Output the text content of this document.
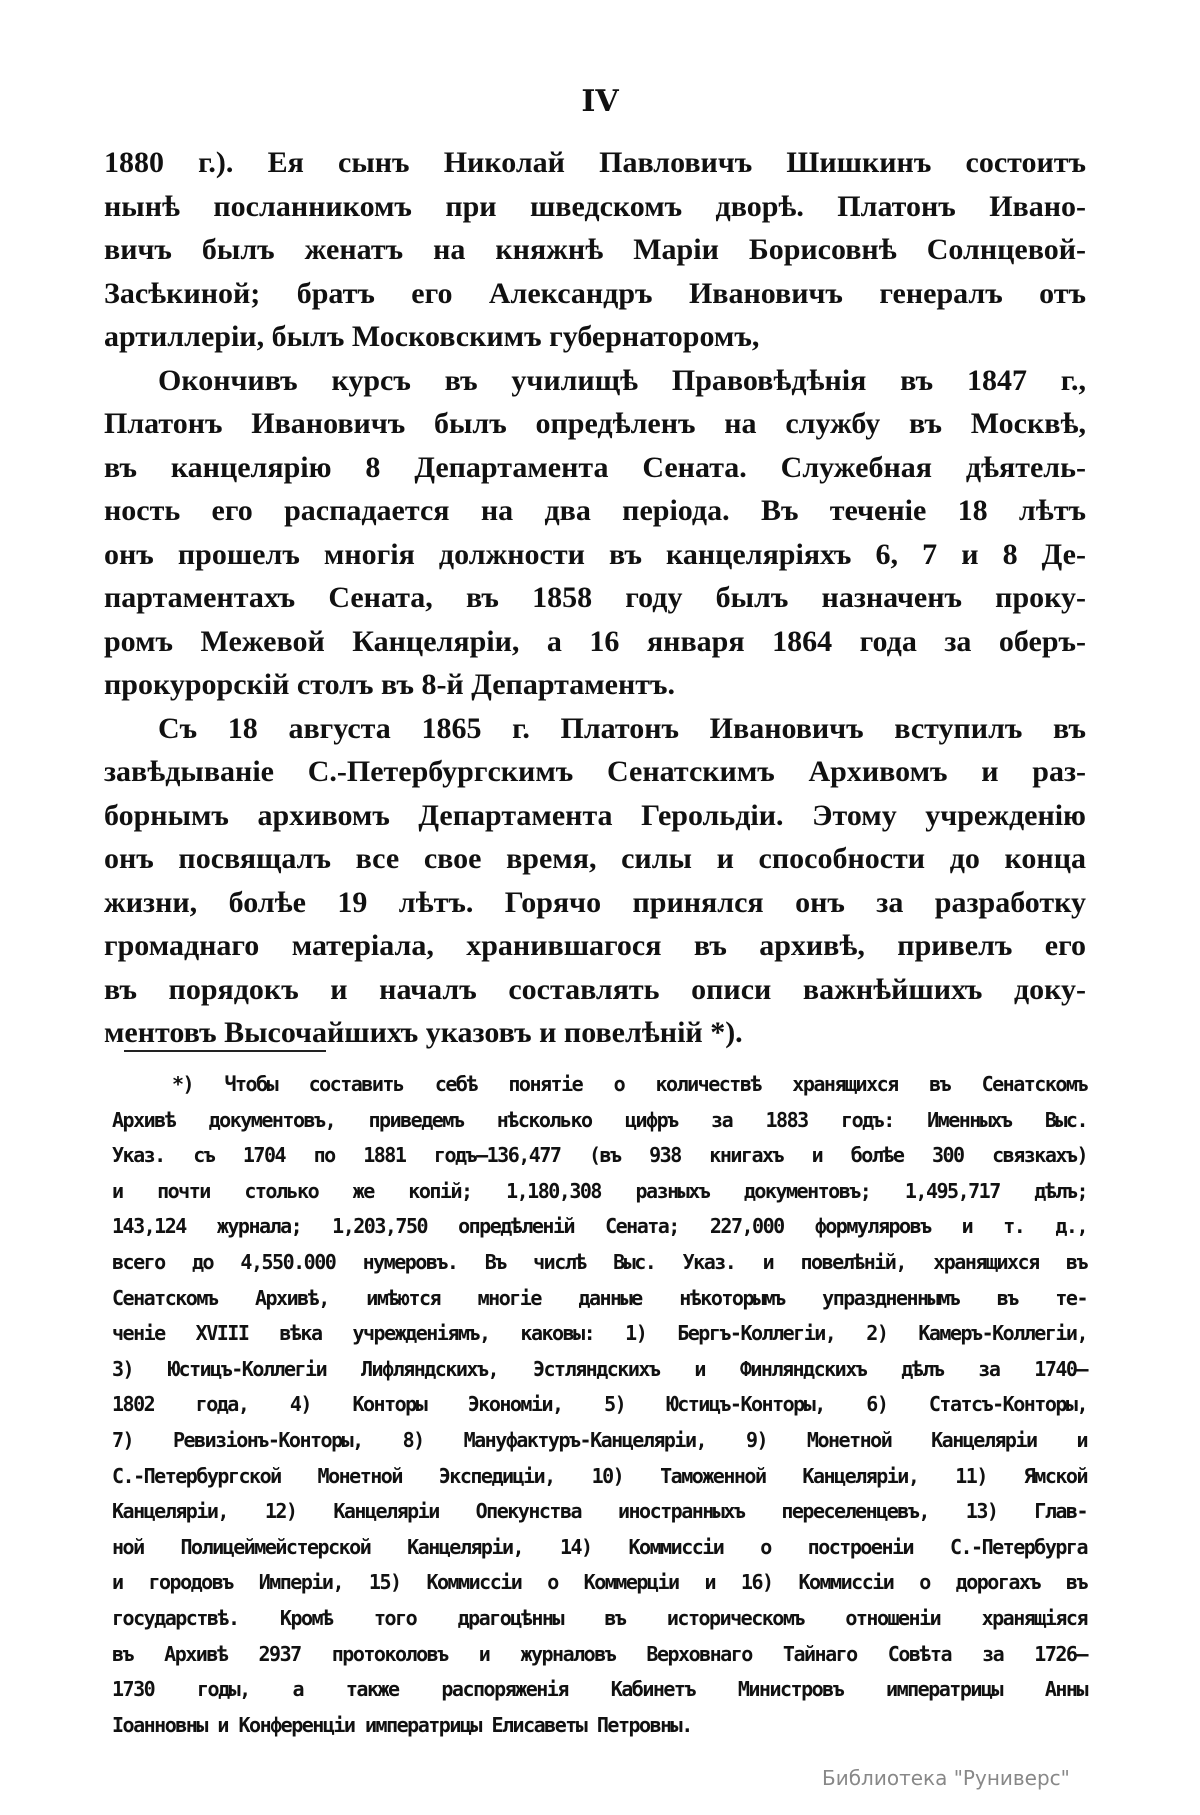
IV
1880 г.). Ея сынъ Николай Павловичъ Шишкинъ состоитъ
нынѣ посланникомъ при шведскомъ дворѣ. Платонъ Ивано-
вичъ былъ женатъ на княжнѣ Маріи Борисовнѣ Солнцевой-
Засѣкиной; братъ его Александръ Ивановичъ генералъ отъ
артиллеріи, былъ Московскимъ губернаторомъ,
Окончивъ курсъ въ училищѣ Правовѣдѣнія въ 1847 г.,
Платонъ Ивановичъ былъ опредѣленъ на службу въ Москвѣ,
въ канцелярію 8 Департамента Сената. Служебная дѣятель-
ность его распадается на два періода. Въ теченіе 18 лѣтъ
онъ прошелъ многія должности въ канцеляріяхъ 6, 7 и 8 Де-
партаментахъ Сената, въ 1858 году былъ назначенъ проку-
ромъ Межевой Канцеляріи, а 16 января 1864 года за оберъ-
прокурорскій столъ въ 8-й Департаментъ.
Съ 18 августа 1865 г. Платонъ Ивановичъ вступилъ въ
завѣдываніе С.-Петербургскимъ Сенатскимъ Архивомъ и раз-
борнымъ архивомъ Департамента Герольдіи. Этому учрежденію
онъ посвящалъ все свое время, силы и способности до конца
жизни, болѣе 19 лѣтъ. Горячо принялся онъ за разработку
громаднаго матеріала, хранившагося въ архивѣ, привелъ его
въ порядокъ и началъ составлять описи важнѣйшихъ доку-
ментовъ Высочайшихъ указовъ и повелѣній *).
*) Чтобы составить себѣ понятіе о количествѣ хранящихся въ Сенатскомъ
Архивѣ документовъ, приведемъ нѣсколько цифръ за 1883 годъ: Именныхъ Выс.
Указ. съ 1704 по 1881 годъ—136,477 (въ 938 книгахъ и болѣе 300 связкахъ)
и почти столько же копій; 1,180,308 разныхъ документовъ; 1,495,717 дѣлъ;
143,124 журнала; 1,203,750 опредѣленій Сената; 227,000 формуляровъ и т. д.,
всего до 4,550.000 нумеровъ. Въ числѣ Выс. Указ. и повелѣній, хранящихся въ
Сенатскомъ Архивѣ, имѣются многіе данные нѣкоторымъ упраздненнымъ въ те-
ченіе XVIII вѣка учрежденіямъ, каковы: 1) Бергъ-Коллегіи, 2) Камеръ-Коллегіи,
3) Юстицъ-Коллегіи Лифляндскихъ, Эстляндскихъ и Финляндскихъ дѣлъ за 1740—
1802 года, 4) Конторы Экономіи, 5) Юстицъ-Конторы, 6) Статсъ-Конторы,
7) Ревизіонъ-Конторы, 8) Мануфактуръ-Канцеляріи, 9) Монетной Канцеляріи и
С.-Петербургской Монетной Экспедиціи, 10) Таможенной Канцеляріи, 11) Ямской
Канцеляріи, 12) Канцеляріи Опекунства иностранныхъ переселенцевъ, 13) Глав-
ной Полицеймейстерской Канцеляріи, 14) Коммиссіи о построеніи С.-Петербурга
и городовъ Имперіи, 15) Коммиссіи о Коммерціи и 16) Коммиссіи о дорогахъ въ
государствѣ. Кромѣ того драгоцѣнны въ историческомъ отношеніи хранящіяся
въ Архивѣ 2937 протоколовъ и журналовъ Верховнаго Тайнаго Совѣта за 1726—
1730 годы, а также распоряженія Кабинетъ Министровъ императрицы Анны
Іоанновны и Конференціи императрицы Елисаветы Петровны.
Библиотека "Руниверс"
